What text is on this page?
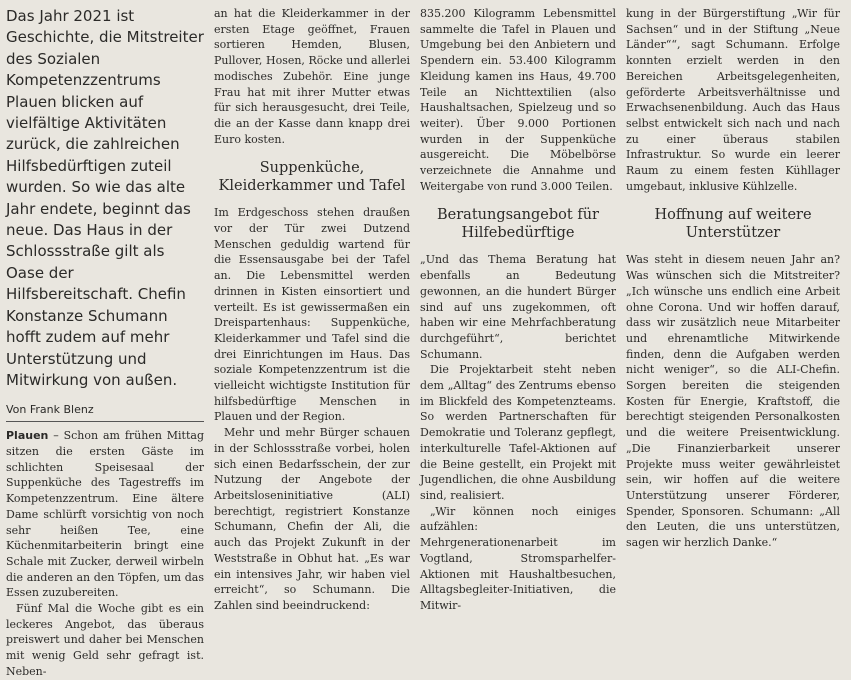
Das Jahr 2021 ist Geschichte, die Mitstreiter des Sozialen Kompetenzzentrums Plauen blicken auf vielfältige Aktivitäten zurück, die zahlreichen Hilfsbedürftigen zuteil wurden. So wie das alte Jahr endete, beginnt das neue. Das Haus in der Schlossstraße gilt als Oase der Hilfsbereitschaft. Chefin Konstanze Schumann hofft zudem auf mehr Unterstützung und Mitwirkung von außen.

Von Frank Blenz

Plauen – Schon am frühen Mittag sitzen die ersten Gäste im schlichten Speisesaal der Suppenküche des Tagestreffs im Kompetenzzentrum. Eine ältere Dame schlürft vorsichtig von noch sehr heißen Tee, eine Küchenmitarbeiterin bringt eine Schale mit Zucker, derweil wirbeln die anderen an den Töpfen, um das Essen zuzubereiten.

Fünf Mal die Woche gibt es ein leckeres Angebot, das überaus preiswert und daher bei Menschen mit wenig Geld sehr gefragt ist. Neben-

an hat die Kleiderkammer in der ersten Etage geöffnet, Frauen sortieren Hemden, Blusen, Pullover, Hosen, Röcke und allerlei modisches Zubehör. Eine junge Frau hat mit ihrer Mutter etwas für sich herausgesucht, drei Teile, die an der Kasse dann knapp drei Euro kosten.

Suppenküche, Kleiderkammer und Tafel

Im Erdgeschoss stehen draußen vor der Tür zwei Dutzend Menschen geduldig wartend für die Essensausgabe bei der Tafel an. Die Lebensmittel werden drinnen in Kisten einsortiert und verteilt. Es ist gewissermaßen ein Dreispartenhaus: Suppenküche, Kleiderkammer und Tafel sind die drei Einrichtungen im Haus. Das soziale Kompetenzzentrum ist die vielleicht wichtigste Institution für hilfsbedürftige Menschen in Plauen und der Region.

Mehr und mehr Bürger schauen in der Schlossstraße vorbei, holen sich einen Bedarfsschein, der zur Nutzung der Angebote der Arbeitsloseninitiative (ALI) berechtigt, registriert Konstanze Schumann, Chefin der Ali, die auch das Projekt Zukunft in der Weststraße in Obhut hat. „Es war ein intensives Jahr, wir haben viel erreicht“, so Schumann. Die Zahlen sind beeindruckend:

835.200 Kilogramm Lebensmittel sammelte die Tafel in Plauen und Umgebung bei den Anbietern und Spendern ein. 53.400 Kilogramm Kleidung kamen ins Haus, 49.700 Teile an Nichttextilien (also Haushaltsachen, Spielzeug und so weiter). Über 9.000 Portionen wurden in der Suppenküche ausgereicht. Die Möbelbörse verzeichnete die Annahme und Weitergabe von rund 3.000 Teilen.

Beratungsangebot für Hilfebedürftige

„Und das Thema Beratung hat ebenfalls an Bedeutung gewonnen, an die hundert Bürger sind auf uns zugekommen, oft haben wir eine Mehrfachberatung durchgeführt“, berichtet Schumann.

Die Projektarbeit steht neben dem „Alltag“ des Zentrums ebenso im Blickfeld des Kompetenzteams. So werden Partnerschaften für Demokratie und Toleranz gepflegt, interkulturelle Tafel-Aktionen auf die Beine gestellt, ein Projekt mit Jugendlichen, die ohne Ausbildung sind, realisiert.

„Wir können noch einiges aufzählen: Mehrgenerationenarbeit im Vogtland, Stromsparhelfer-Aktionen mit Haushaltbesuchen, Alltagsbegleiter-Initiativen, die Mitwir-

kung in der Bürgerstiftung „Wir für Sachsen“ und in der Stiftung „Neue Länder““, sagt Schumann. Erfolge konnten erzielt werden in den Bereichen Arbeitsgelegenheiten, geförderte Arbeitsverhältnisse und Erwachsenenbildung. Auch das Haus selbst entwickelt sich nach und nach zu einer überaus stabilen Infrastruktur. So wurde ein leerer Raum zu einem festen Kühllager umgebaut, inklusive Kühlzelle.

Hoffnung auf weitere Unterstützer

Was steht in diesem neuen Jahr an? Was wünschen sich die Mitstreiter? „Ich wünsche uns endlich eine Arbeit ohne Corona. Und wir hoffen darauf, dass wir zusätzlich neue Mitarbeiter und ehrenamtliche Mitwirkende finden, denn die Aufgaben werden nicht weniger“, so die ALI-Chefin. Sorgen bereiten die steigenden Kosten für Energie, Kraftstoff, die berechtigt steigenden Personalkosten und die weitere Preisentwicklung. „Die Finanzierbarkeit unserer Projekte muss weiter gewährleistet sein, wir hoffen auf die weitere Unterstützung unserer Förderer, Spender, Sponsoren. Schumann: „All den Leuten, die uns unterstützen, sagen wir herzlich Danke.“
